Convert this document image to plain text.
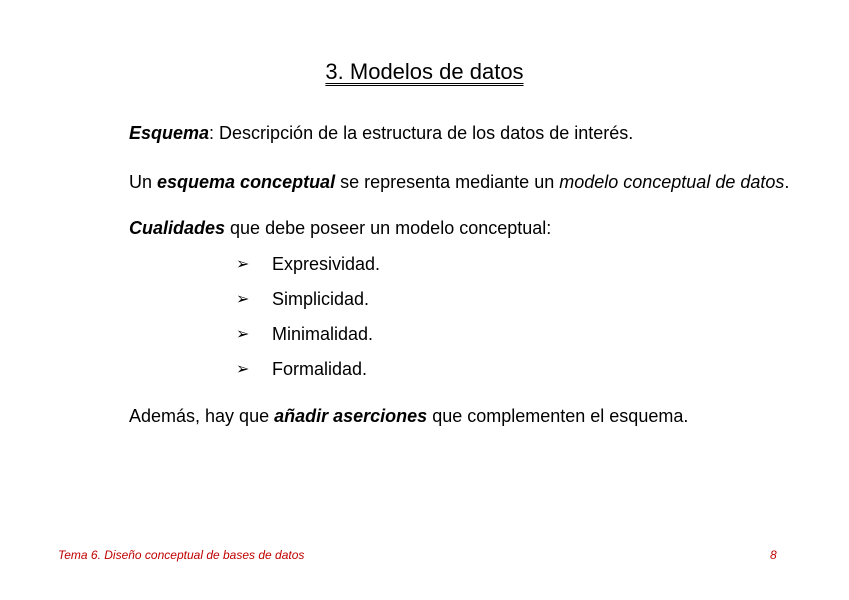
3. Modelos de datos
Esquema: Descripción de la estructura de los datos de interés.
Un esquema conceptual se representa mediante un modelo conceptual de datos.
Cualidades que debe poseer un modelo conceptual:
➢	Expresividad.
➢	Simplicidad.
➢	Minimalidad.
➢	Formalidad.
Además, hay que añadir aserciones que complementen el esquema.
Tema 6. Diseño conceptual de bases de datos	8
